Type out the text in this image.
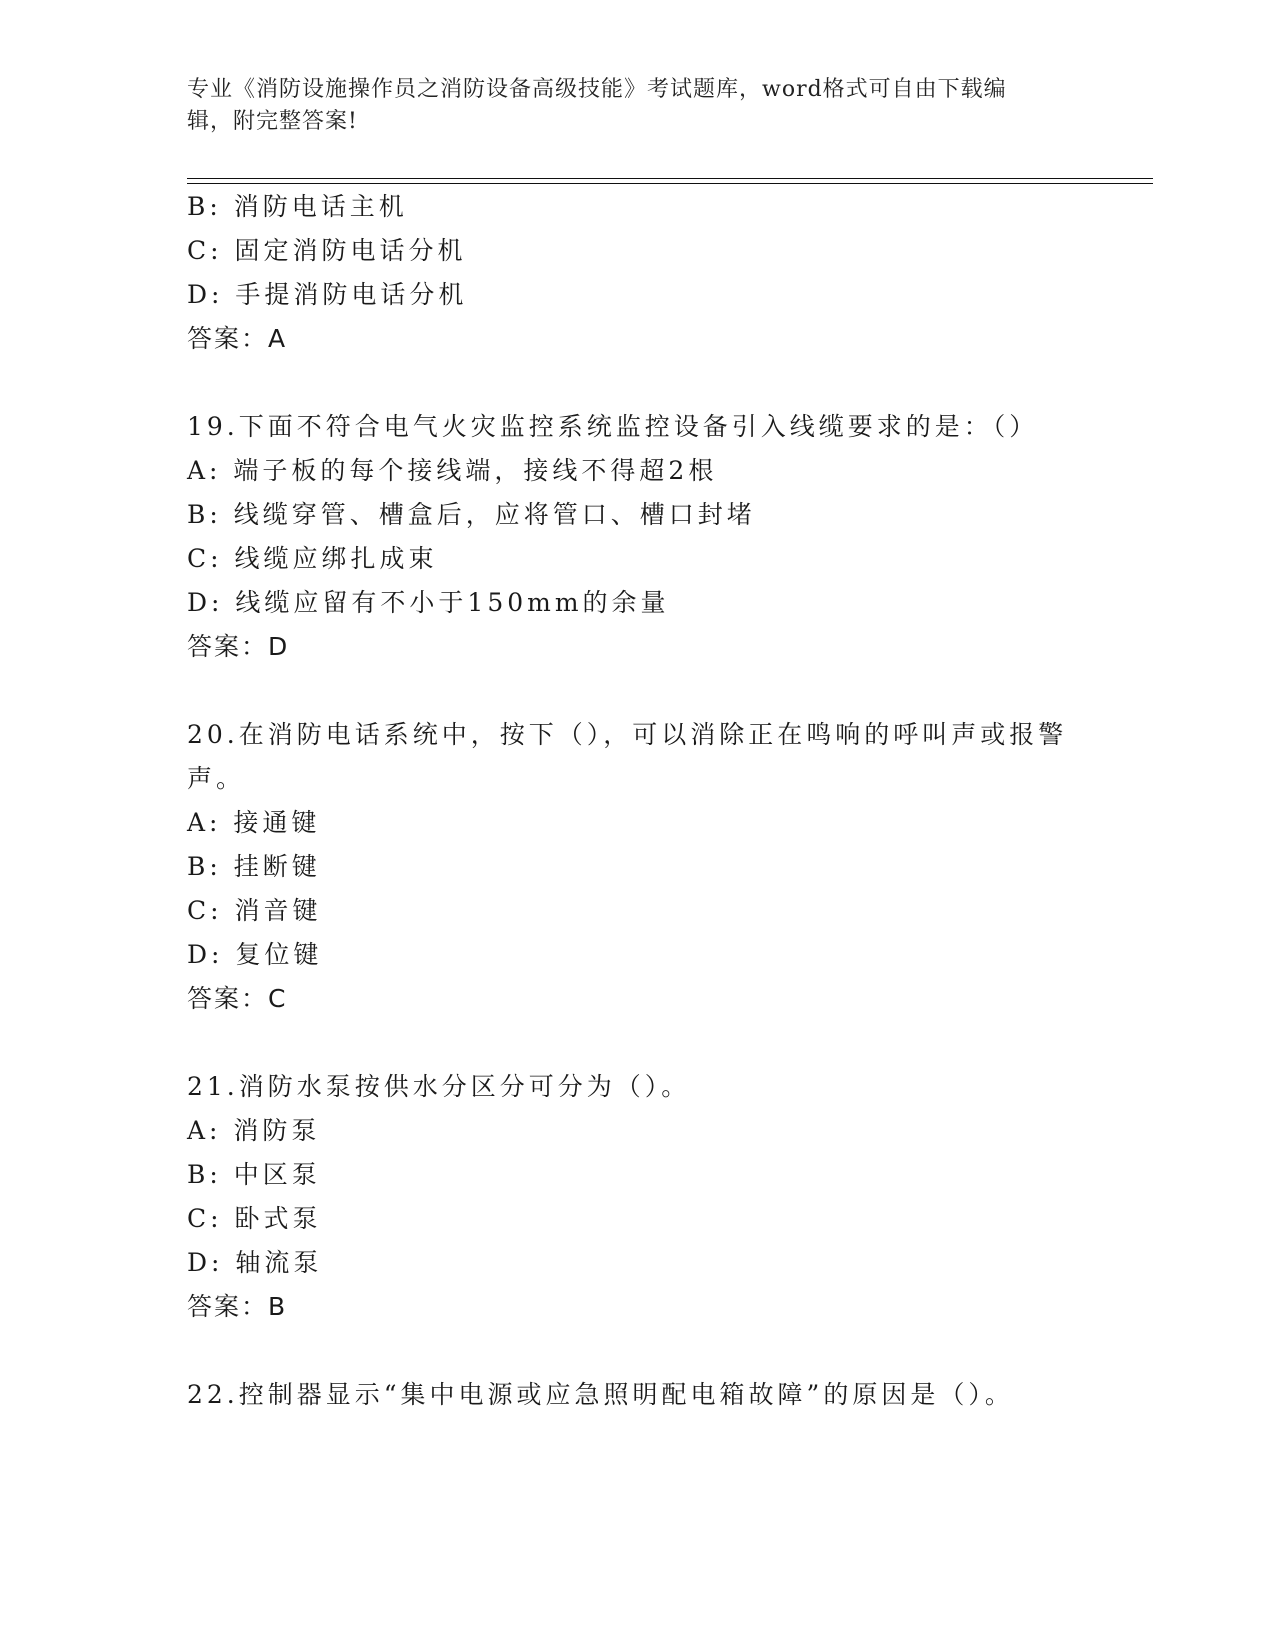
专业《消防设施操作员之消防设备高级技能》考试题库，word格式可自由下载编
辑，附完整答案!
B: 消防电话主机
C: 固定消防电话分机
D: 手提消防电话分机
答案：A
19.下面不符合电气火灾监控系统监控设备引入线缆要求的是：（）
A: 端子板的每个接线端，接线不得超2根
B: 线缆穿管、槽盒后，应将管口、槽口封堵
C: 线缆应绑扎成束
D: 线缆应留有不小于150mm的余量
答案：D
20.在消防电话系统中，按下（），可以消除正在鸣响的呼叫声或报警
声。
A: 接通键
B: 挂断键
C: 消音键
D: 复位键
答案：C
21.消防水泵按供水分区分可分为（）。
A: 消防泵
B: 中区泵
C: 卧式泵
D: 轴流泵
答案：B
22.控制器显示“集中电源或应急照明配电箱故障”的原因是（）。
